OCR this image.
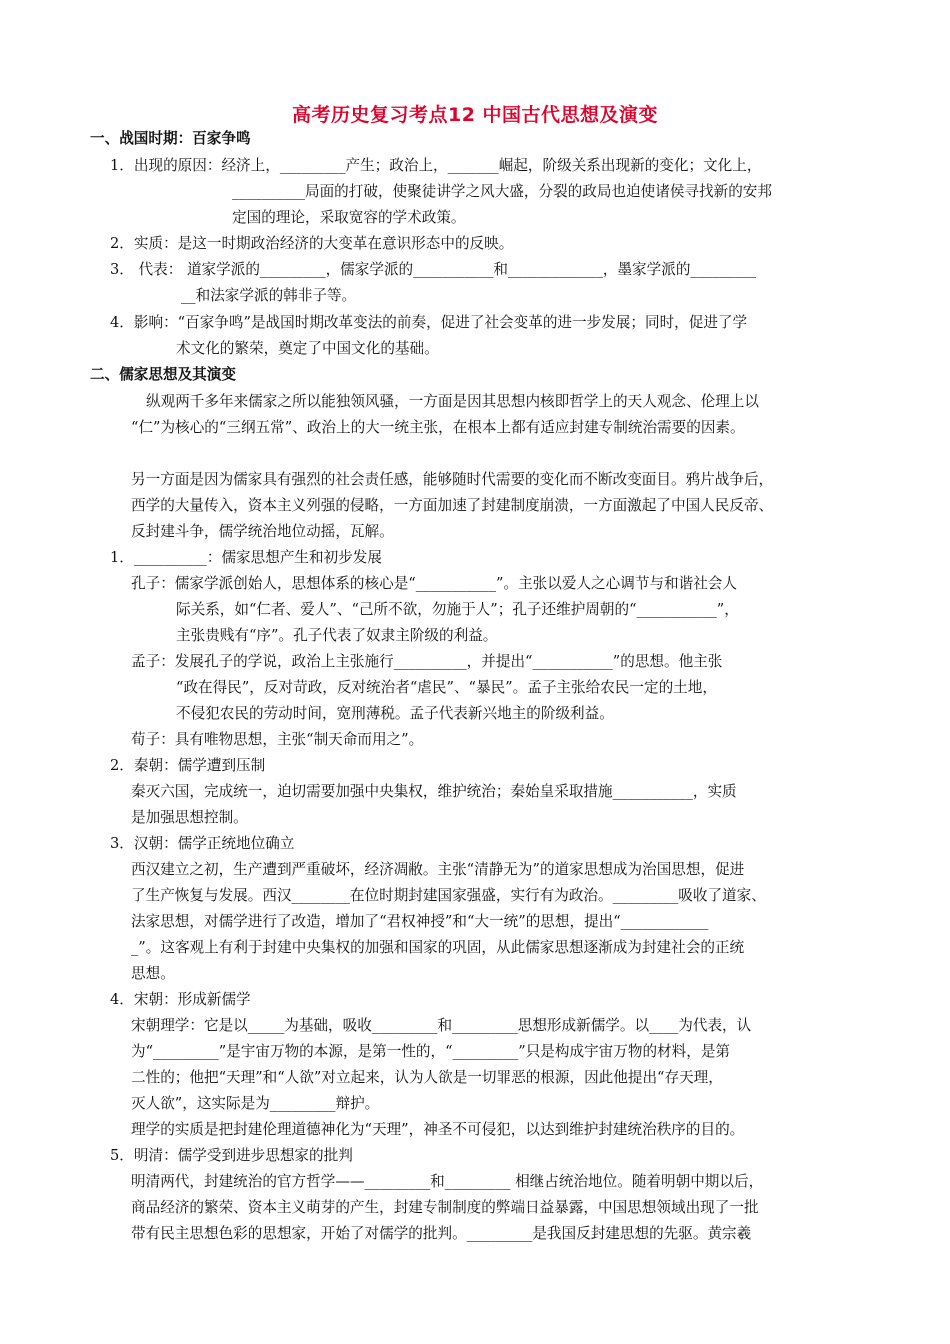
高考历史复习考点12 中国古代思想及演变
一、战国时期：百家争鸣
1．出现的原因：经济上，_________产生；政治上，_______崛起，阶级关系出现新的变化；文化上，
__________局面的打破，使聚徒讲学之风大盛，分裂的政局也迫使诸侯寻找新的安邦
定国的理论，采取宽容的学术政策。
2．实质：是这一时期政治经济的大变革在意识形态中的反映。
3． 代表： 道家学派的_________，儒家学派的___________和_____________，墨家学派的_________
__和法家学派的韩非子等。
4．影响：“百家争鸣”是战国时期改革变法的前奏，促进了社会变革的进一步发展；同时，促进了学
术文化的繁荣，奠定了中国文化的基础。
二、儒家思想及其演变
纵观两千多年来儒家之所以能独领风骚，一方面是因其思想内核即哲学上的天人观念、伦理上以
“仁”为核心的“三纲五常”、政治上的大一统主张，在根本上都有适应封建专制统治需要的因素。
另一方面是因为儒家具有强烈的社会责任感，能够随时代需要的变化而不断改变面目。鸦片战争后，
西学的大量传入，资本主义列强的侵略，一方面加速了封建制度崩溃，一方面激起了中国人民反帝、
反封建斗争，儒学统治地位动摇，瓦解。
1．__________：儒家思想产生和初步发展
孔子：儒家学派创始人，思想体系的核心是“___________”。主张以爱人之心调节与和谐社会人
际关系，如“仁者、爱人”、“己所不欲，勿施于人”；孔子还维护周朝的“___________”，
主张贵贱有“序”。孔子代表了奴隶主阶级的利益。
孟子：发展孔子的学说，政治上主张施行__________，并提出“___________”的思想。他主张
“政在得民”，反对苛政，反对统治者“虐民”、“暴民”。孟子主张给农民一定的土地，
不侵犯农民的劳动时间，宽刑薄税。孟子代表新兴地主的阶级利益。
荀子：具有唯物思想，主张“制天命而用之”。
2．秦朝：儒学遭到压制
秦灭六国，完成统一，迫切需要加强中央集权，维护统治；秦始皇采取措施___________，实质
是加强思想控制。
3．汉朝：儒学正统地位确立
西汉建立之初，生产遭到严重破坏，经济凋敝。主张“清静无为”的道家思想成为治国思想，促进
了生产恢复与发展。西汉________在位时期封建国家强盛，实行有为政治。_________吸收了道家、
法家思想，对儒学进行了改造，增加了“君权神授”和“大一统”的思想，提出“____________
_”。这客观上有利于封建中央集权的加强和国家的巩固，从此儒家思想逐渐成为封建社会的正统
思想。
4．宋朝：形成新儒学
宋朝理学：它是以_____为基础，吸收_________和_________思想形成新儒学。以____为代表，认
为“_________”是宇宙万物的本源，是第一性的，“_________”只是构成宇宙万物的材料，是第
二性的；他把“天理”和“人欲”对立起来，认为人欲是一切罪恶的根源，因此他提出“存天理，
灭人欲”，这实际是为_________辩护。
理学的实质是把封建伦理道德神化为“天理”，神圣不可侵犯，以达到维护封建统治秩序的目的。
5．明清：儒学受到进步思想家的批判
明清两代，封建统治的官方哲学——_________和_________ 相继占统治地位。随着明朝中期以后，
商品经济的繁荣、资本主义萌芽的产生，封建专制制度的弊端日益暴露，中国思想领域出现了一批
带有民主思想色彩的思想家，开始了对儒学的批判。_________是我国反封建思想的先驱。黄宗羲
